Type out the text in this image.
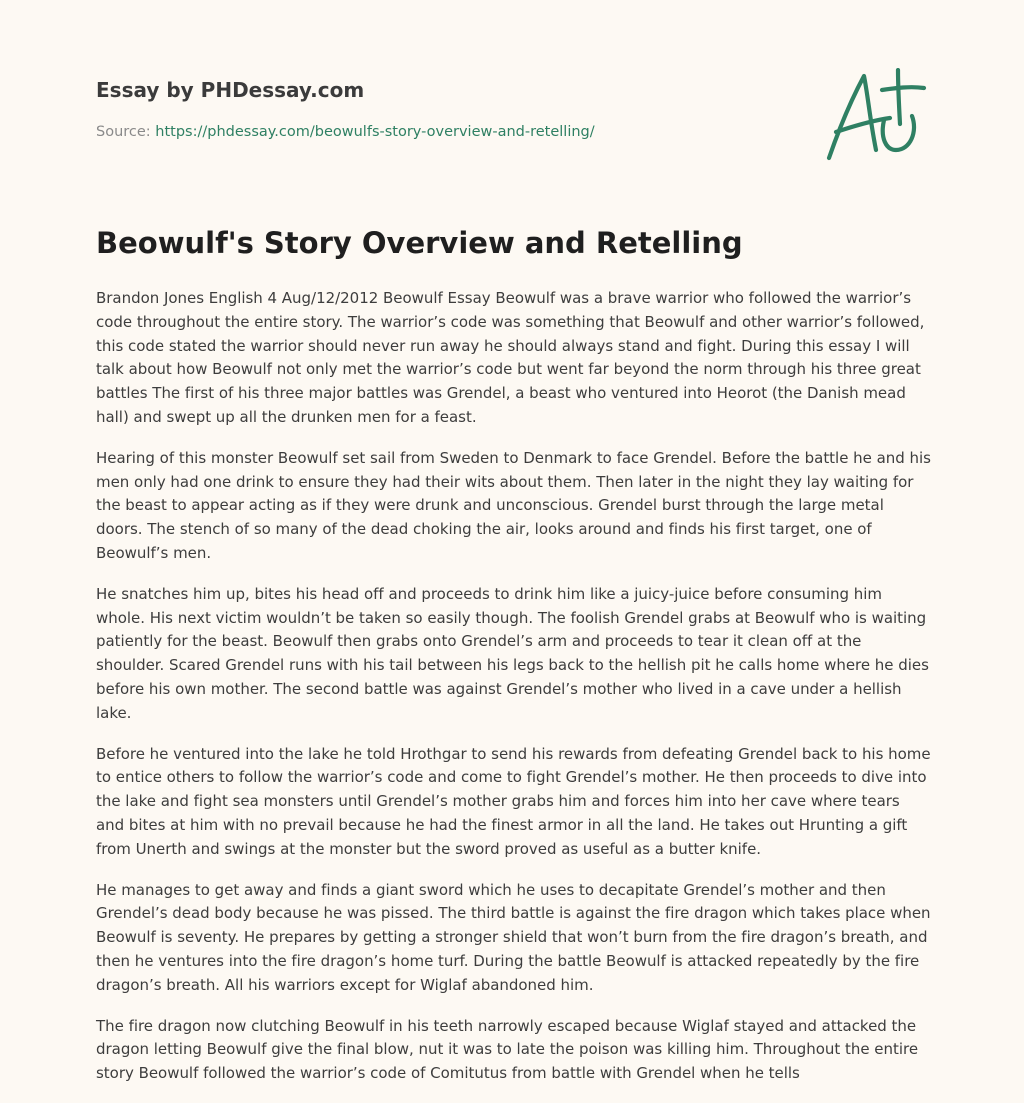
Essay by PHDessay.com
Source: https://phdessay.com/beowulfs-story-overview-and-retelling/
Beowulf's Story Overview and Retelling

Brandon Jones English 4 Aug/12/2012 Beowulf Essay Beowulf was a brave warrior who followed the warrior’s code throughout the entire story. The warrior’s code was something that Beowulf and other warrior’s followed, this code stated the warrior should never run away he should always stand and fight. During this essay I will talk about how Beowulf not only met the warrior’s code but went far beyond the norm through his three great battles The first of his three major battles was Grendel, a beast who ventured into Heorot (the Danish mead hall) and swept up all the drunken men for a feast.

Hearing of this monster Beowulf set sail from Sweden to Denmark to face Grendel. Before the battle he and his men only had one drink to ensure they had their wits about them. Then later in the night they lay waiting for the beast to appear acting as if they were drunk and unconscious. Grendel burst through the large metal doors. The stench of so many of the dead choking the air, looks around and finds his first target, one of Beowulf’s men.

He snatches him up, bites his head off and proceeds to drink him like a juicy-juice before consuming him whole. His next victim wouldn’t be taken so easily though. The foolish Grendel grabs at Beowulf who is waiting patiently for the beast. Beowulf then grabs onto Grendel’s arm and proceeds to tear it clean off at the shoulder. Scared Grendel runs with his tail between his legs back to the hellish pit he calls home where he dies before his own mother. The second battle was against Grendel’s mother who lived in a cave under a hellish lake.

Before he ventured into the lake he told Hrothgar to send his rewards from defeating Grendel back to his home to entice others to follow the warrior’s code and come to fight Grendel’s mother. He then proceeds to dive into the lake and fight sea monsters until Grendel’s mother grabs him and forces him into her cave where tears and bites at him with no prevail because he had the finest armor in all the land. He takes out Hrunting a gift from Unerth and swings at the monster but the sword proved as useful as a butter knife.

He manages to get away and finds a giant sword which he uses to decapitate Grendel’s mother and then Grendel’s dead body because he was pissed. The third battle is against the fire dragon which takes place when Beowulf is seventy. He prepares by getting a stronger shield that won’t burn from the fire dragon’s breath, and then he ventures into the fire dragon’s home turf. During the battle Beowulf is attacked repeatedly by the fire dragon’s breath. All his warriors except for Wiglaf abandoned him.

The fire dragon now clutching Beowulf in his teeth narrowly escaped because Wiglaf stayed and attacked the dragon letting Beowulf give the final blow, nut it was to late the poison was killing him. Throughout the entire story Beowulf followed the warrior’s code of Comitutus from battle with Grendel when he tells
